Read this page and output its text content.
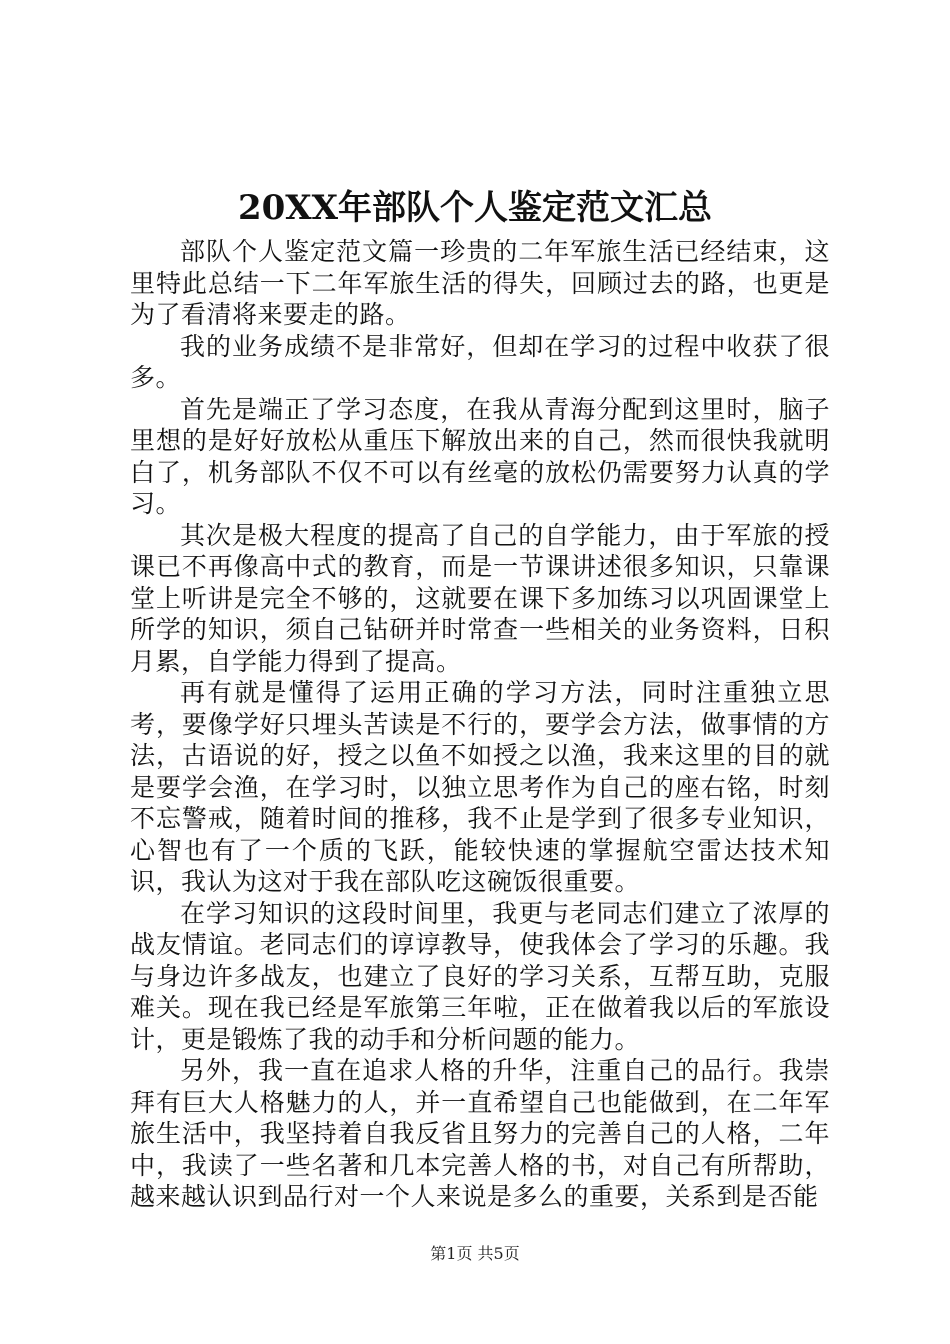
20XX年部队个人鉴定范文汇总

部队个人鉴定范文篇一珍贵的二年军旅生活已经结束，这里特此总结一下二年军旅生活的得失，回顾过去的路，也更是为了看清将来要走的路。

我的业务成绩不是非常好，但却在学习的过程中收获了很多。

首先是端正了学习态度，在我从青海分配到这里时，脑子里想的是好好放松从重压下解放出来的自己，然而很快我就明白了，机务部队不仅不可以有丝毫的放松仍需要努力认真的学习。

其次是极大程度的提高了自己的自学能力，由于军旅的授课已不再像高中式的教育，而是一节课讲述很多知识，只靠课堂上听讲是完全不够的，这就要在课下多加练习以巩固课堂上所学的知识，须自己钻研并时常查一些相关的业务资料，日积月累，自学能力得到了提高。

再有就是懂得了运用正确的学习方法，同时注重独立思考，要像学好只埋头苦读是不行的，要学会方法，做事情的方法，古语说的好，授之以鱼不如授之以渔，我来这里的目的就是要学会渔，在学习时，以独立思考作为自己的座右铭，时刻不忘警戒，随着时间的推移，我不止是学到了很多专业知识，心智也有了一个质的飞跃，能较快速的掌握航空雷达技术知识，我认为这对于我在部队吃这碗饭很重要。

在学习知识的这段时间里，我更与老同志们建立了浓厚的战友情谊。老同志们的谆谆教导，使我体会了学习的乐趣。我与身边许多战友，也建立了良好的学习关系，互帮互助，克服难关。现在我已经是军旅第三年啦，正在做着我以后的军旅设计，更是锻炼了我的动手和分析问题的能力。

另外，我一直在追求人格的升华，注重自己的品行。我崇拜有巨大人格魅力的人，并一直希望自己也能做到，在二年军旅生活中，我坚持着自我反省且努力的完善自己的人格，二年中，我读了一些名著和几本完善人格的书，对自己有所帮助，越来越认识到品行对一个人来说是多么的重要，关系到是否能

第1页 共5页
